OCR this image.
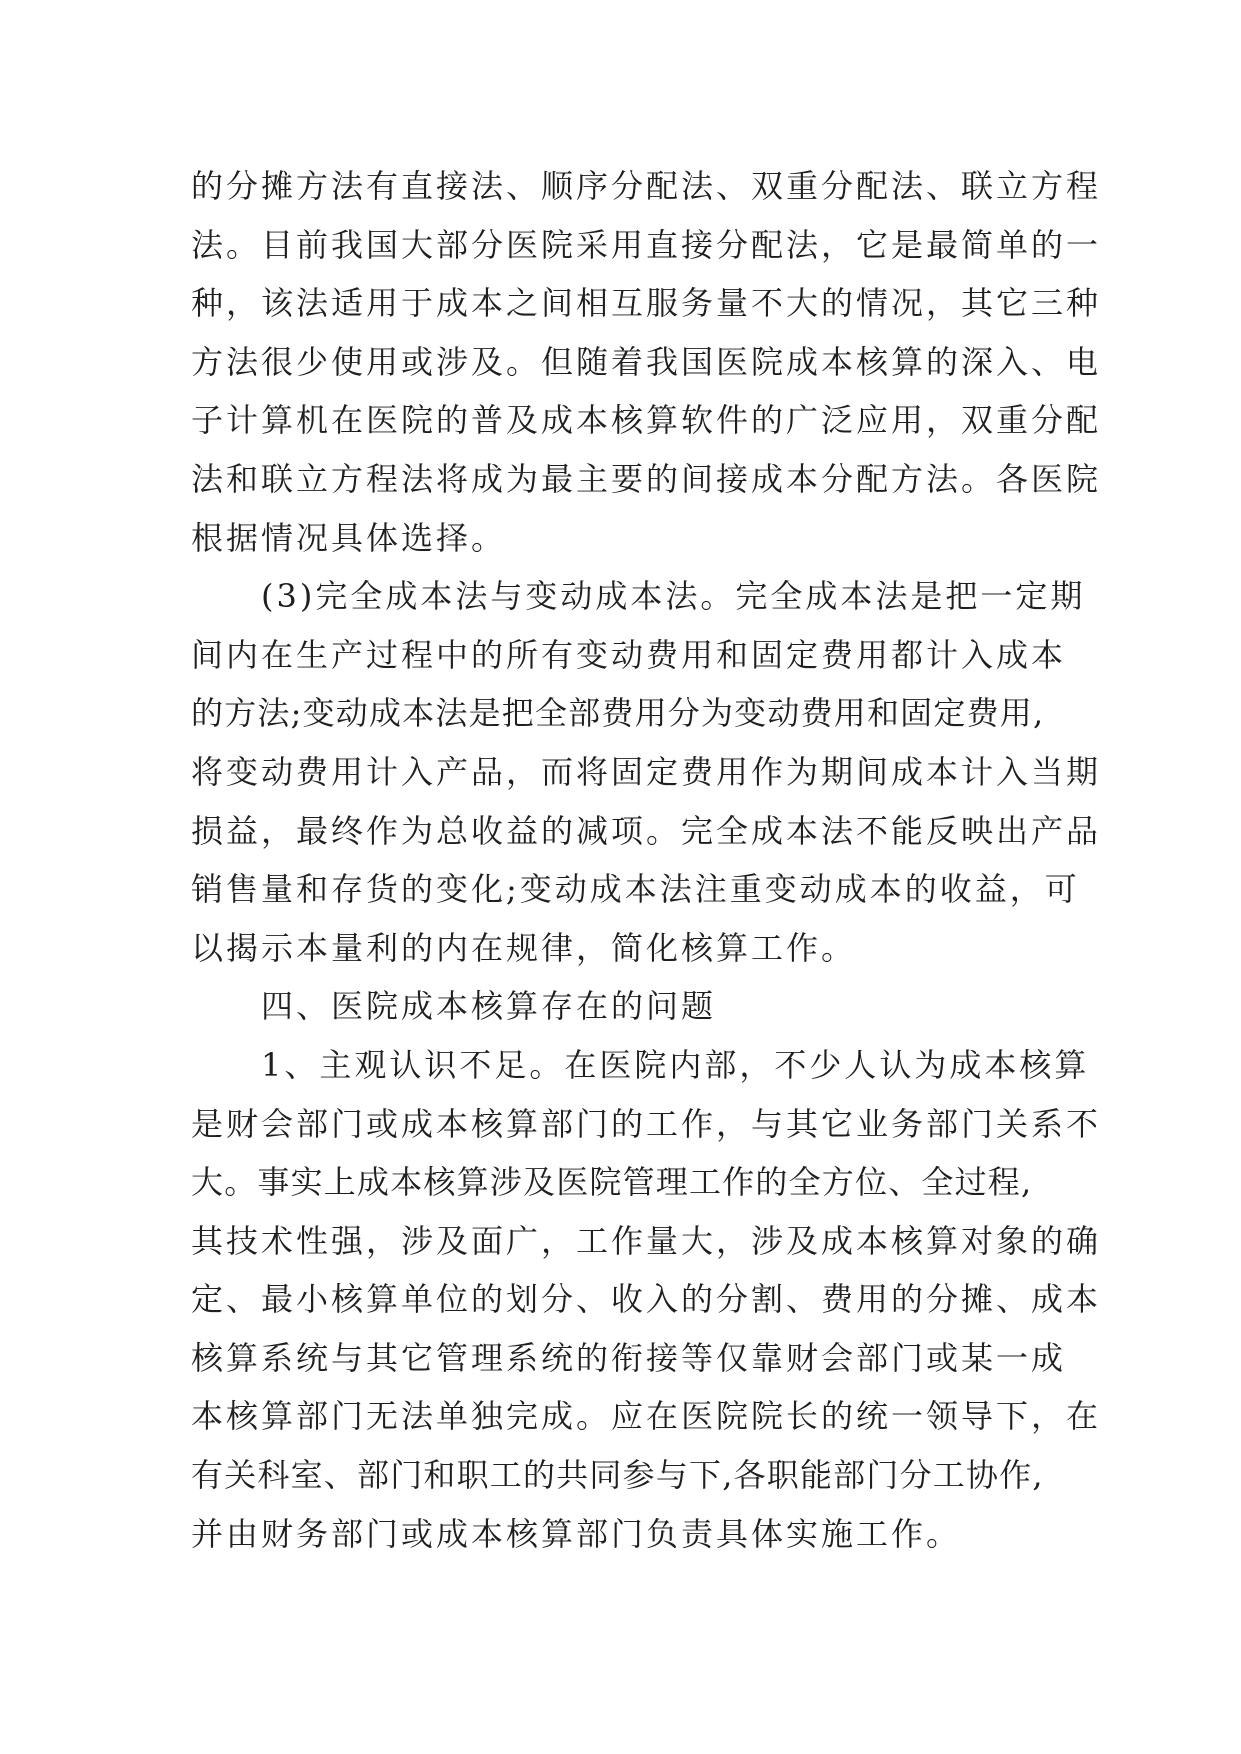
的分摊方法有直接法、顺序分配法、双重分配法、联立方程
法。目前我国大部分医院采用直接分配法，它是最简单的一
种，该法适用于成本之间相互服务量不大的情况，其它三种
方法很少使用或涉及。但随着我国医院成本核算的深入、电
子计算机在医院的普及成本核算软件的广泛应用，双重分配
法和联立方程法将成为最主要的间接成本分配方法。各医院
根据情况具体选择。
　　(3)完全成本法与变动成本法。完全成本法是把一定期
间内在生产过程中的所有变动费用和固定费用都计入成本
的方法;变动成本法是把全部费用分为变动费用和固定费用,
将变动费用计入产品，而将固定费用作为期间成本计入当期
损益，最终作为总收益的减项。完全成本法不能反映出产品
销售量和存货的变化;变动成本法注重变动成本的收益，可
以揭示本量利的内在规律，简化核算工作。
　　四、医院成本核算存在的问题
　　1、主观认识不足。在医院内部，不少人认为成本核算
是财会部门或成本核算部门的工作，与其它业务部门关系不
大。事实上成本核算涉及医院管理工作的全方位、全过程,
其技术性强，涉及面广，工作量大，涉及成本核算对象的确
定、最小核算单位的划分、收入的分割、费用的分摊、成本
核算系统与其它管理系统的衔接等仅靠财会部门或某一成
本核算部门无法单独完成。应在医院院长的统一领导下，在
有关科室、部门和职工的共同参与下,各职能部门分工协作,
并由财务部门或成本核算部门负责具体实施工作。
